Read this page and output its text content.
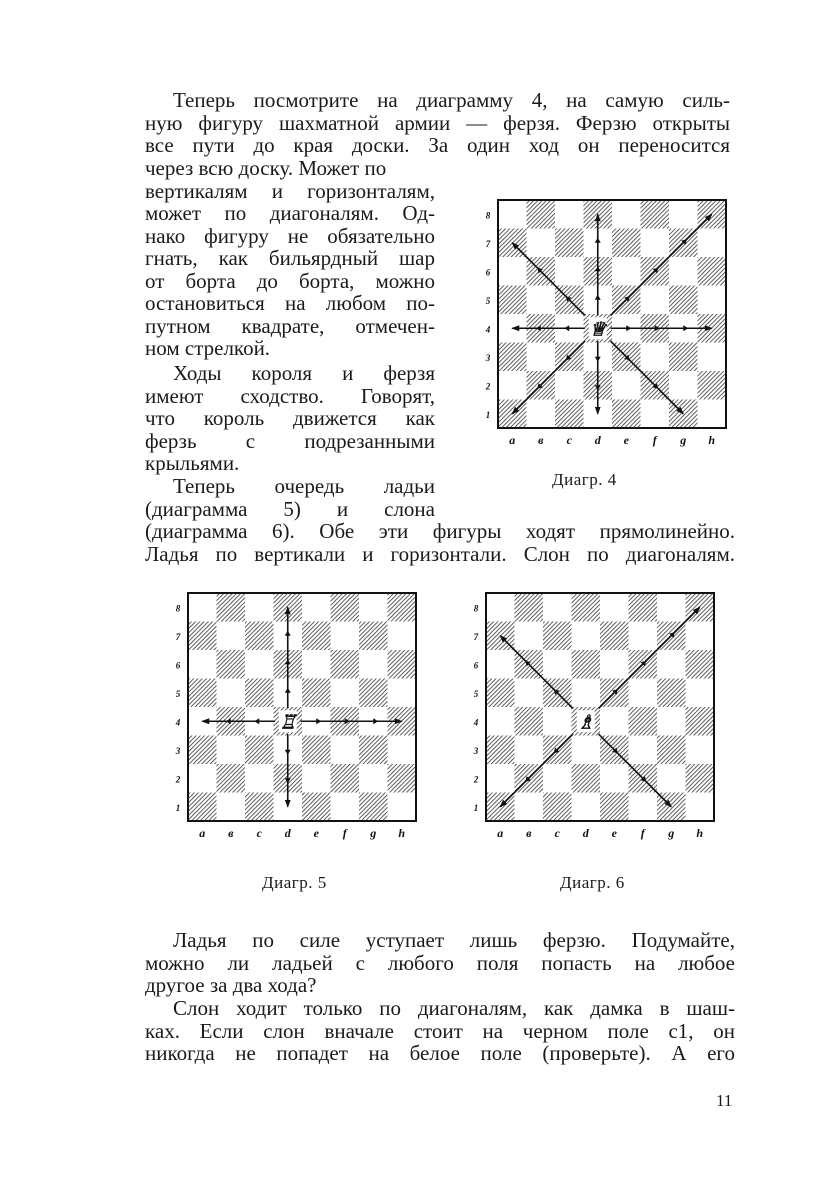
Теперь посмотрите на диаграмму 4, на самую силь-
ную фигуру шахматной армии — ферзя. Ферзю открыты
все пути до края доски. За один ход он переносится
через всю доску. Может по
вертикалям и горизонталям,
может по диагоналям. Од-
нако фигуру не обязательно
гнать, как бильярдный шар
от борта до борта, можно
остановиться на любом по-
путном квадрате, отмечен-
ном стрелкой.
Ходы короля и ферзя
имеют сходство. Говорят,
что король движется как
ферзь с подрезанными
крыльями.
Теперь очередь ладьи
(диаграмма 5) и слона
(диаграмма 6). Обе эти фигуры ходят прямолинейно.
Ладья по вертикали и горизонтали. Слон по диагоналям.
8
7
6
5
4
3
2
1
a в c d e f g h
♕
Диагр. 4
8
7
6
5
4
3
2
1
a в c d e f g h
♖
Диагр. 5
8
7
6
5
4
3
2
1
a в c d e f g h
♗
Диагр. 6
Ладья по силе уступает лишь ферзю. Подумайте,
можно ли ладьей с любого поля попасть на любое
другое за два хода?
Слон ходит только по диагоналям, как дамка в шаш-
ках. Если слон вначале стоит на черном поле c1, он
никогда не попадет на белое поле (проверьте). А его
11
